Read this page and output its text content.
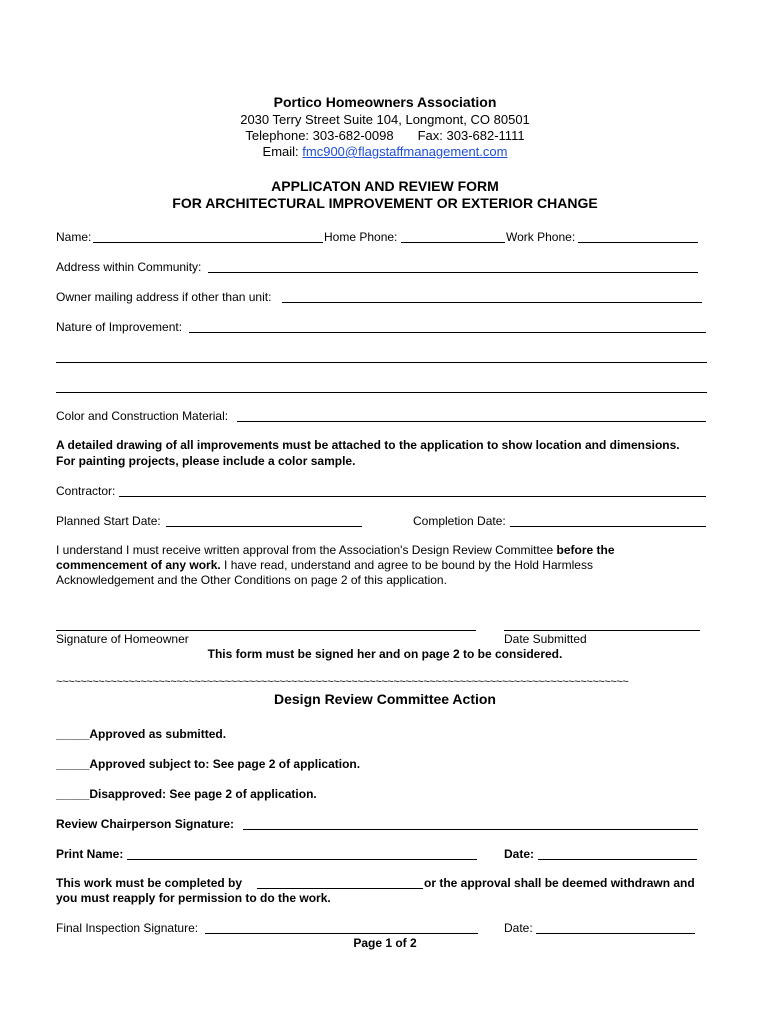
Portico Homeowners Association
2030 Terry Street Suite 104, Longmont, CO 80501
Telephone: 303-682-0098 Fax: 303-682-1111
Email: fmc900@flagstaffmanagement.com
APPLICATON AND REVIEW FORM
FOR ARCHITECTURAL IMPROVEMENT OR EXTERIOR CHANGE
Name:	Home Phone:	Work Phone:
Address within Community:
Owner mailing address if other than unit:
Nature of Improvement:
Color and Construction Material:
A detailed drawing of all improvements must be attached to the application to show location and dimensions.
For painting projects, please include a color sample.
Contractor:
Planned Start Date:	Completion Date:
I understand I must receive written approval from the Association's Design Review Committee before the
commencement of any work. I have read, understand and agree to be bound by the Hold Harmless
Acknowledgement and the Other Conditions on page 2 of this application.
Signature of Homeowner	Date Submitted
This form must be signed her and on page 2 to be considered.
~~~~~~~~~~~~~~~~~~~~~~~~~~~~~~~~~~~~~~~~~~~~~~~~~~~~~~~~~~~~~~~~~~~~~~~~~~~~~~~~~~~~~~~~~~~~~~~
Design Review Committee Action
_____Approved as submitted.
_____Approved subject to: See page 2 of application.
_____Disapproved: See page 2 of application.
Review Chairperson Signature:
Print Name:	Date:
This work must be completed by	or the approval shall be deemed withdrawn and
you must reapply for permission to do the work.
Final Inspection Signature:	Date:
Page 1 of 2
